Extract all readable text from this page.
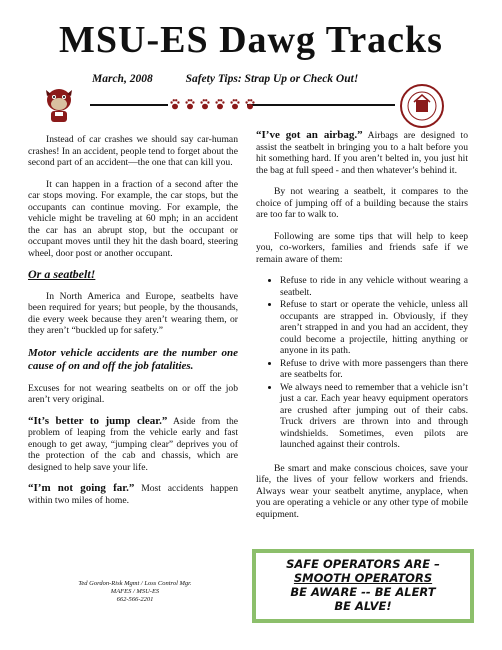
MSU-ES Dawg Tracks
March, 2008	Safety Tips: Strap Up or Check Out!

Instead of car crashes we should say car-human crashes! In an accident, people tend to forget about the second part of an accident—the one that can kill you.

It can happen in a fraction of a second after the car stops moving. For example, the car stops, but the occupants can continue moving. For example, the vehicle might be traveling at 60 mph; in an accident the car has an abrupt stop, but the occupant or occupant moves until they hit the dash board, steering wheel, door post or another occupant.

Or a seatbelt!

In North America and Europe, seatbelts have been required for years; but people, by the thousands, die every week because they aren’t wearing them, or they aren’t “buckled up for safety.”

Motor vehicle accidents are the number one cause of on and off the job fatalities.

Excuses for not wearing seatbelts on or off the job aren’t very original.

“It’s better to jump clear.” Aside from the problem of leaping from the vehicle early and fast enough to get away, “jumping clear” deprives you of the protection of the cab and chassis, which are designed to help save your life.

“I’m not going far.” Most accidents happen within two miles of home.

“I’ve got an airbag.” Airbags are designed to assist the seatbelt in bringing you to a halt before you hit something hard. If you aren’t belted in, you just hit the bag at full speed - and then whatever’s behind it.

By not wearing a seatbelt, it compares to the choice of jumping off of a building because the stairs are too far to walk to.

Following are some tips that will help to keep you, co-workers, families and friends safe if we remain aware of them:

• Refuse to ride in any vehicle without wearing a seatbelt.
• Refuse to start or operate the vehicle, unless all occupants are strapped in. Obviously, if they aren’t strapped in and you had an accident, they could become a projectile, hitting anything or anyone in its path.
• Refuse to drive with more passengers than there are seatbelts for.
• We always need to remember that a vehicle isn’t just a car. Each year heavy equipment operators are crushed after jumping out of their cabs. Truck drivers are thrown into and through windshields. Sometimes, even pilots are launched against their controls.

Be smart and make conscious choices, save your life, the lives of your fellow workers and friends. Always wear your seatbelt anytime, anyplace, when you are operating a vehicle or any other type of mobile equipment.

Ted Gordon-Risk Mgmt / Loss Control Mgr.
MAFES / MSU-ES
662-566-2201
SAFE OPERATORS ARE –
SMOOTH OPERATORS
BE AWARE -- BE ALERT
BE ALVE!
